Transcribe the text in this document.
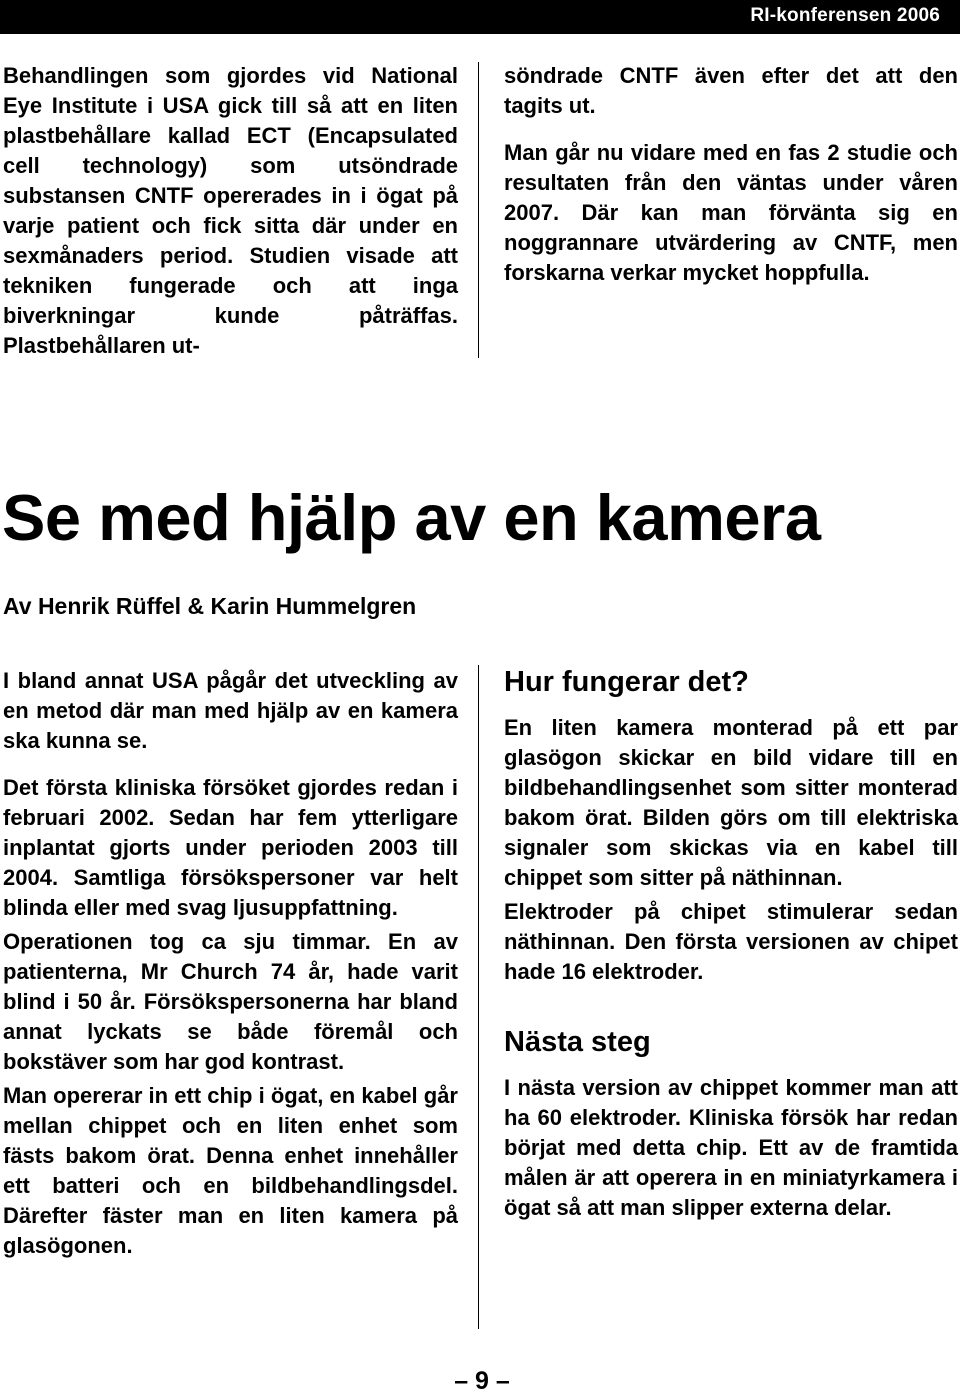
RI-konferensen 2006

Behandlingen som gjordes vid National Eye Institute i USA gick till så att en liten plastbehållare kallad ECT (Encapsulated cell technology) som utsöndrade substansen CNTF opererades in i ögat på varje patient och fick sitta där under en sexmånaders period. Studien visade att tekniken fungerade och att inga biverkningar kunde påträffas. Plastbehållaren ut-

söndrade CNTF även efter det att den tagits ut.

Man går nu vidare med en fas 2 studie och resultaten från den väntas under våren 2007. Där kan man förvänta sig en noggrannare utvärdering av CNTF, men forskarna verkar mycket hoppfulla.

Se med hjälp av en kamera
Av Henrik Rüffel & Karin Hummelgren

I bland annat USA pågår det utveckling av en metod där man med hjälp av en kamera ska kunna se.

Det första kliniska försöket gjordes redan i februari 2002. Sedan har fem ytterligare inplantat gjorts under perioden 2003 till 2004. Samtliga försökspersoner var helt blinda eller med svag ljusuppfattning.

Operationen tog ca sju timmar. En av patienterna, Mr Church 74 år, hade varit blind i 50 år. Försökspersonerna har bland annat lyckats se både föremål och bokstäver som har god kontrast.

Man opererar in ett chip i ögat, en kabel går mellan chippet och en liten enhet som fästs bakom örat. Denna enhet innehåller ett batteri och en bildbehandlingsdel. Därefter fäster man en liten kamera på glasögonen.

Hur fungerar det?

En liten kamera monterad på ett par glasögon skickar en bild vidare till en bildbehandlingsenhet som sitter monterad bakom örat. Bilden görs om till elektriska signaler som skickas via en kabel till chippet som sitter på näthinnan.

Elektroder på chipet stimulerar sedan näthinnan. Den första versionen av chipet hade 16 elektroder.

Nästa steg

I nästa version av chippet kommer man att ha 60 elektroder. Kliniska försök har redan börjat med detta chip. Ett av de framtida målen är att operera in en miniatyrkamera i ögat så att man slipper externa delar.

– 9 –
